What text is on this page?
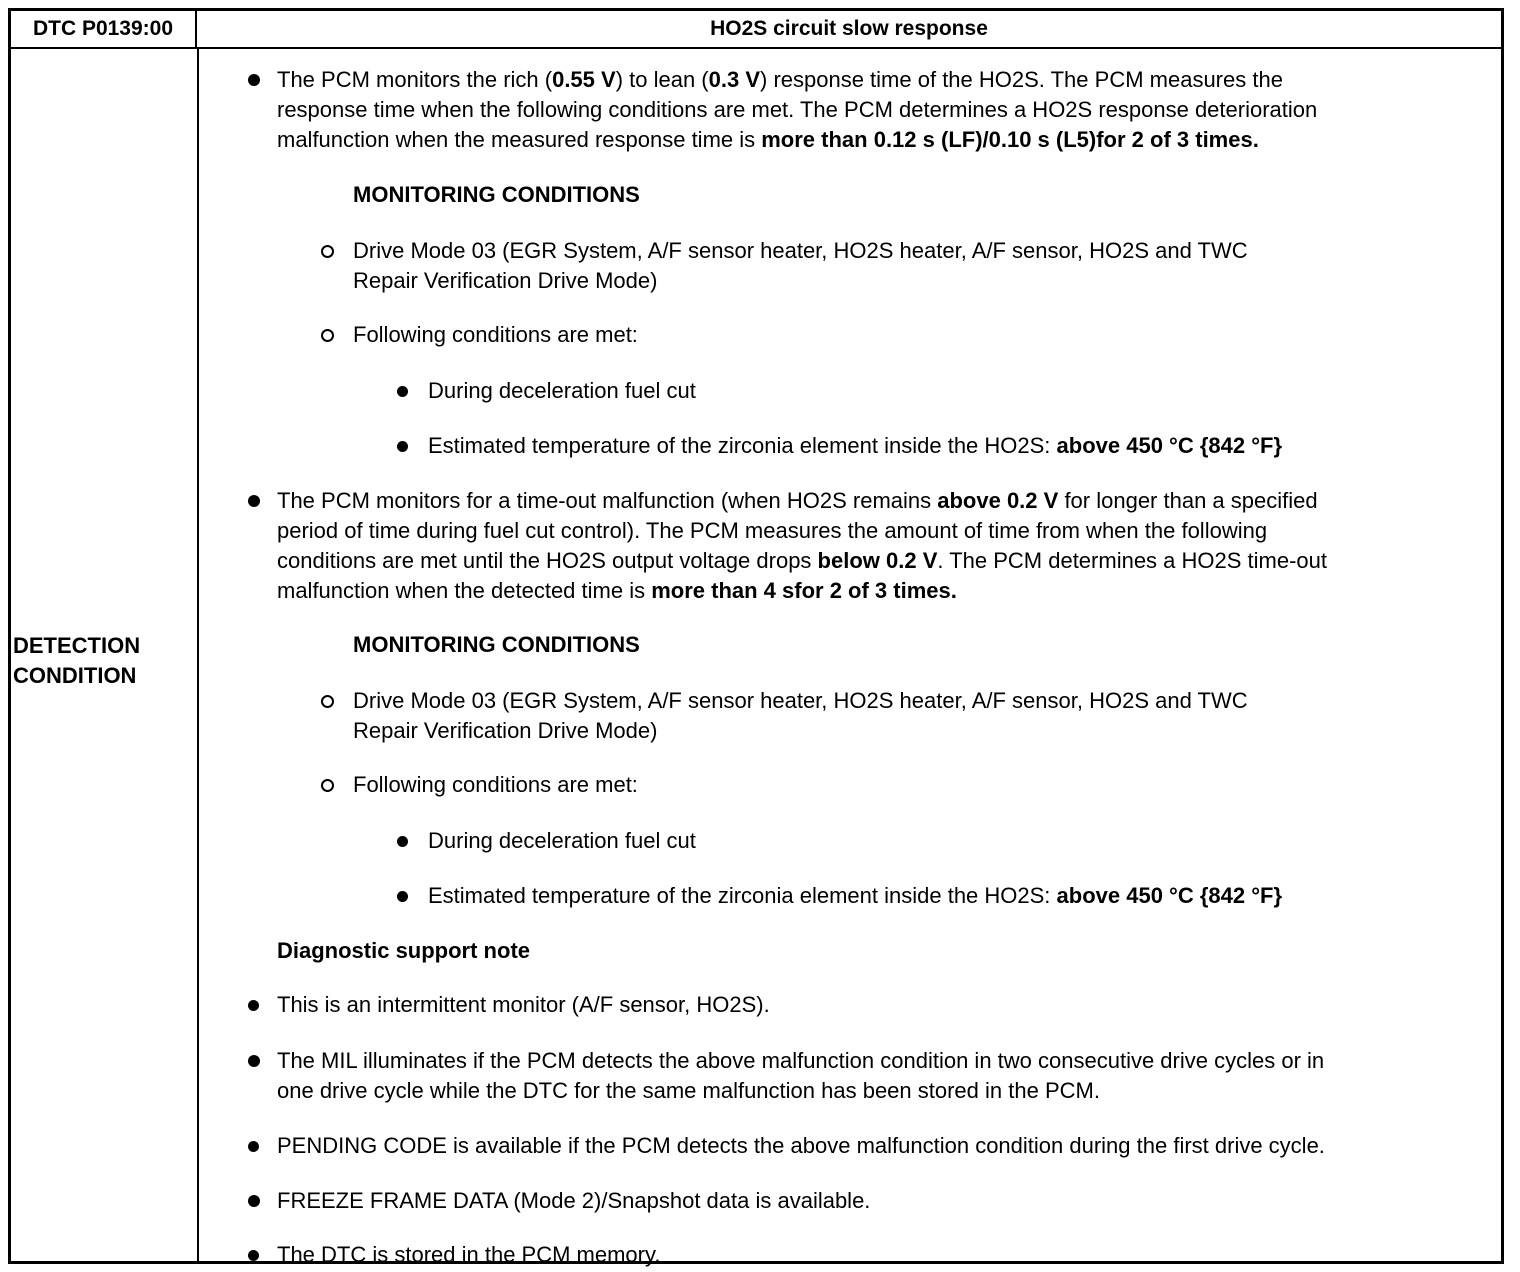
DTC P0139:00	HO2S circuit slow response
DETECTION
CONDITION
The PCM monitors the rich (0.55 V) to lean (0.3 V) response time of the HO2S. The PCM measures the
response time when the following conditions are met. The PCM determines a HO2S response deterioration
malfunction when the measured response time is more than 0.12 s (LF)/0.10 s (L5)for 2 of 3 times.
MONITORING CONDITIONS
Drive Mode 03 (EGR System, A/F sensor heater, HO2S heater, A/F sensor, HO2S and TWC
Repair Verification Drive Mode)
Following conditions are met:
During deceleration fuel cut
Estimated temperature of the zirconia element inside the HO2S: above 450 °C {842 °F}
The PCM monitors for a time-out malfunction (when HO2S remains above 0.2 V for longer than a specified
period of time during fuel cut control). The PCM measures the amount of time from when the following
conditions are met until the HO2S output voltage drops below 0.2 V. The PCM determines a HO2S time-out
malfunction when the detected time is more than 4 sfor 2 of 3 times.
MONITORING CONDITIONS
Drive Mode 03 (EGR System, A/F sensor heater, HO2S heater, A/F sensor, HO2S and TWC
Repair Verification Drive Mode)
Following conditions are met:
During deceleration fuel cut
Estimated temperature of the zirconia element inside the HO2S: above 450 °C {842 °F}
Diagnostic support note
This is an intermittent monitor (A/F sensor, HO2S).
The MIL illuminates if the PCM detects the above malfunction condition in two consecutive drive cycles or in
one drive cycle while the DTC for the same malfunction has been stored in the PCM.
PENDING CODE is available if the PCM detects the above malfunction condition during the first drive cycle.
FREEZE FRAME DATA (Mode 2)/Snapshot data is available.
The DTC is stored in the PCM memory.
